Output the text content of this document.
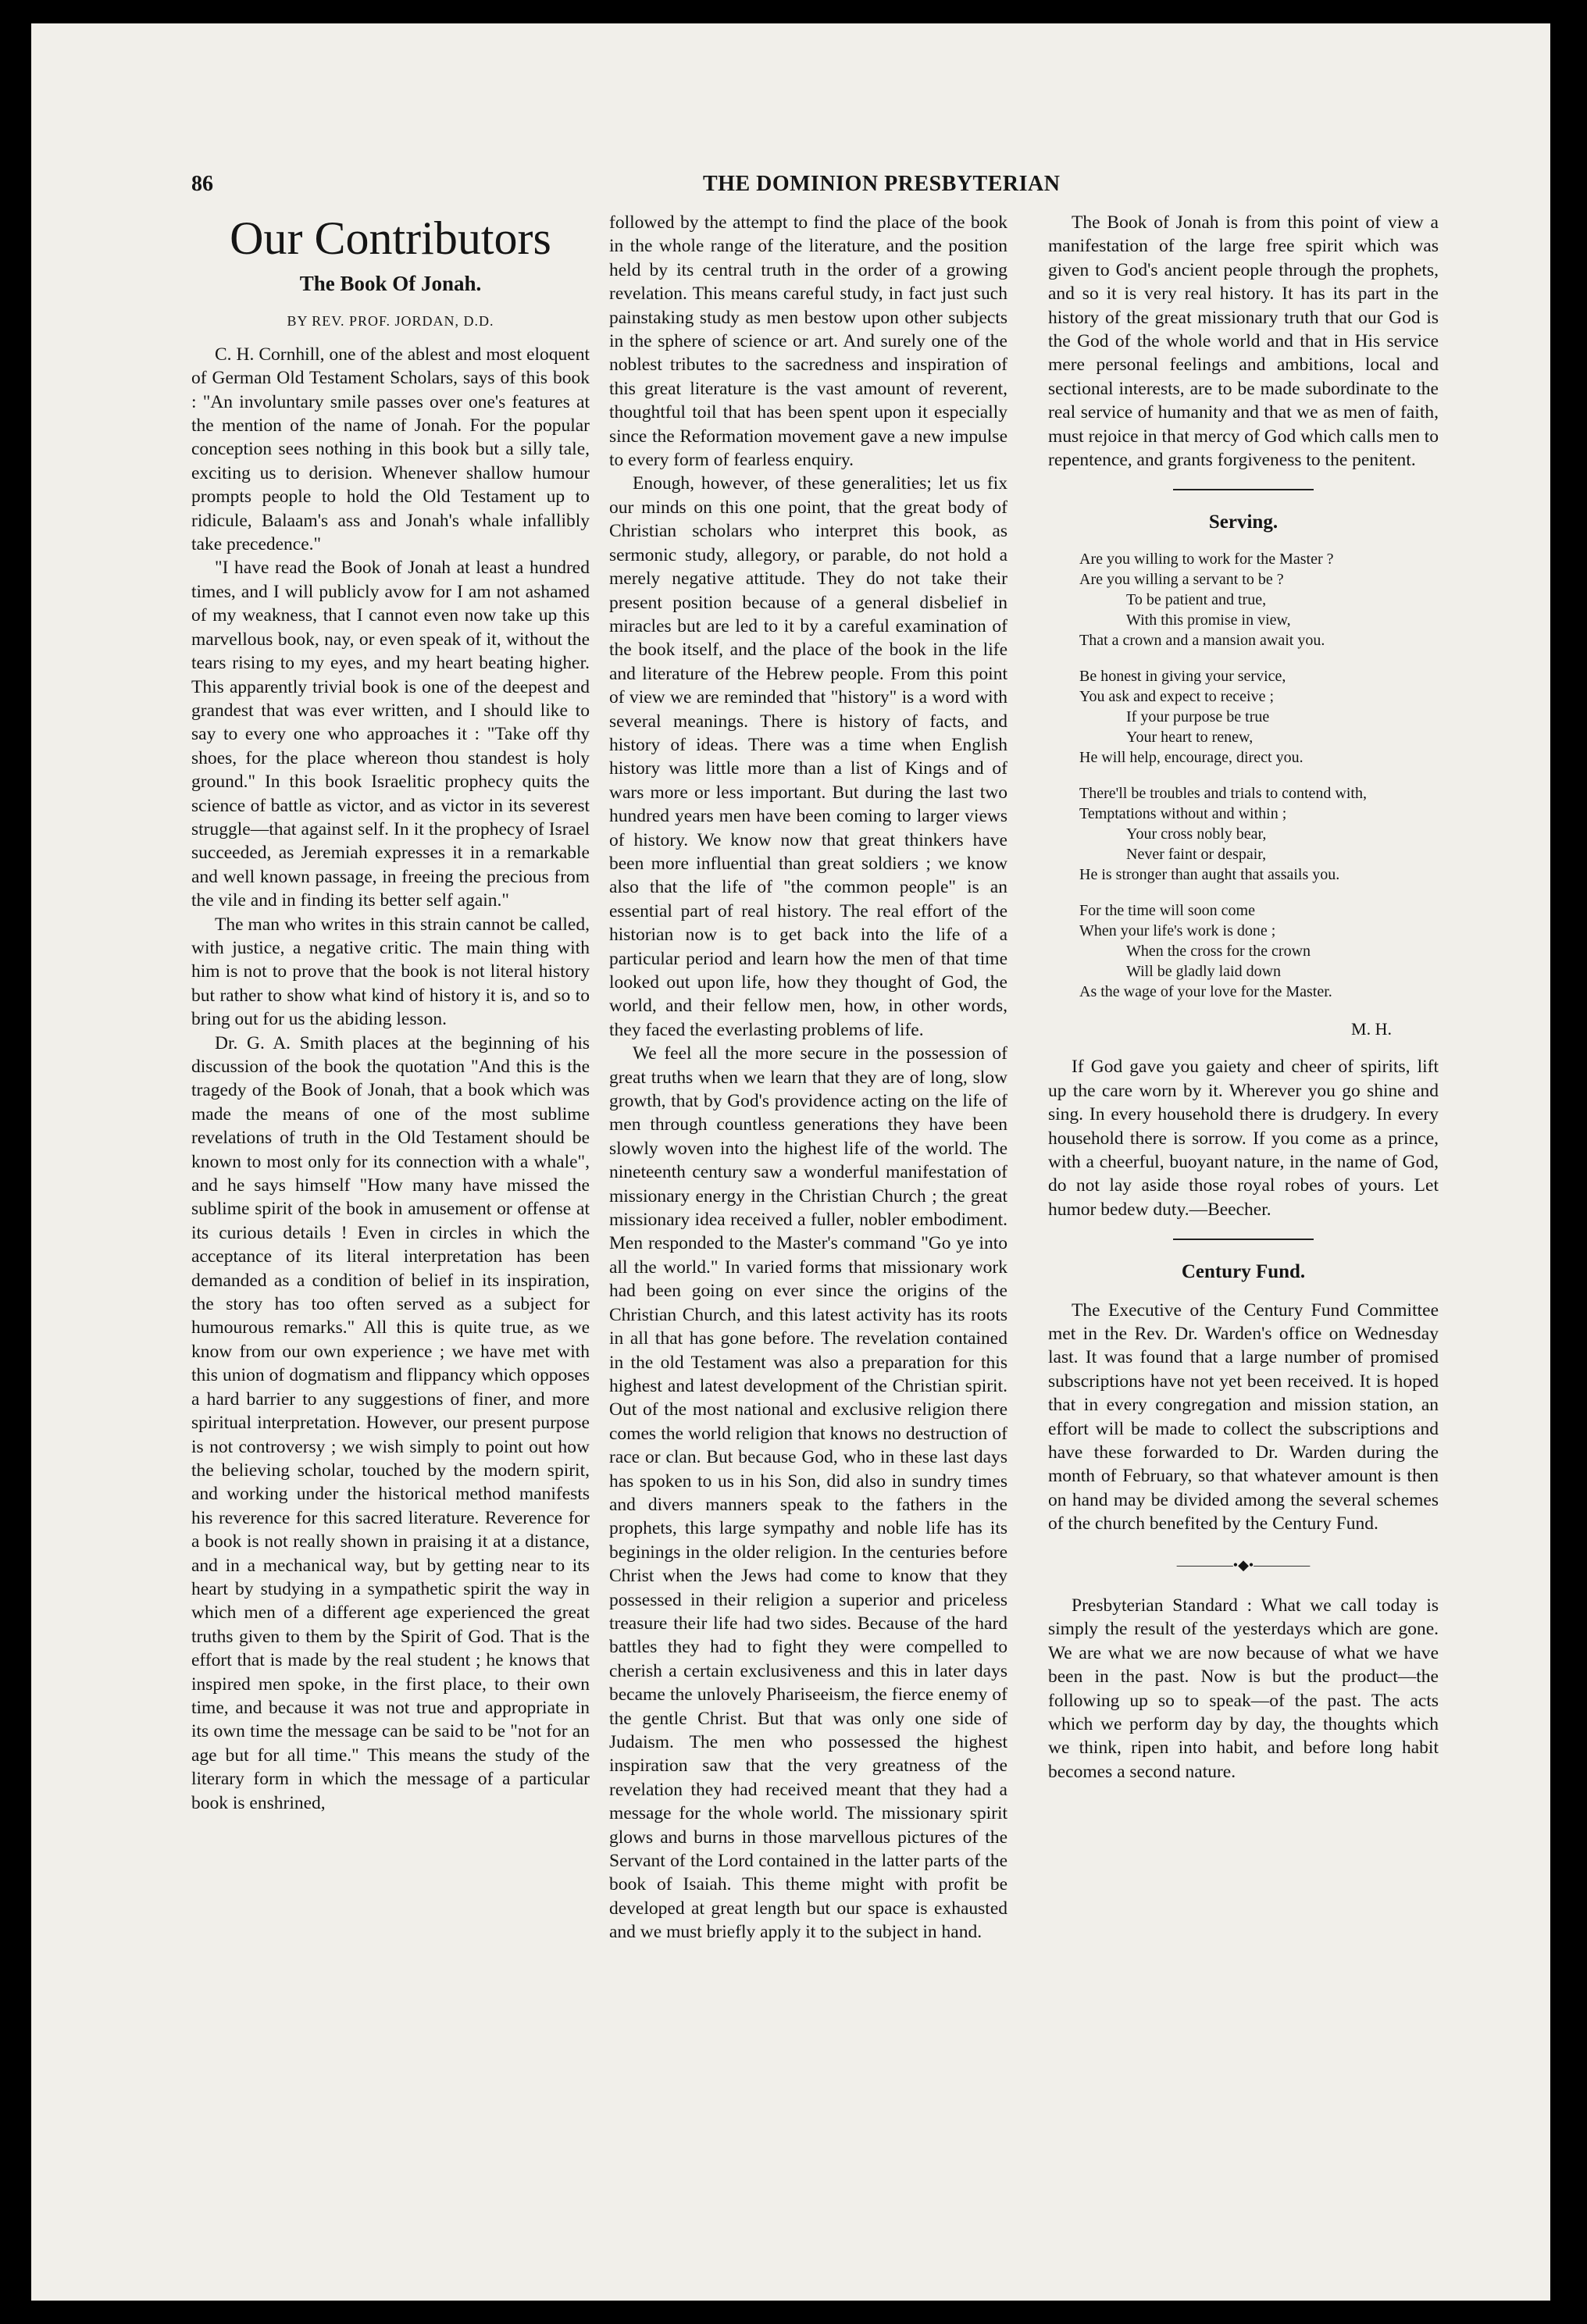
86	THE DOMINION PRESBYTERIAN
Our Contributors
The Book Of Jonah.
BY REV. PROF. JORDAN, D.D.

C. H. Cornhill, one of the ablest and most eloquent of German Old Testament Scholars, says of this book : "An involuntary smile passes over one's features at the mention of the name of Jonah. For the popular conception sees nothing in this book but a silly tale, exciting us to derision. Whenever shallow humour prompts people to hold the Old Testament up to ridicule, Balaam's ass and Jonah's whale infallibly take precedence."

"I have read the Book of Jonah at least a hundred times, and I will publicly avow for I am not ashamed of my weakness, that I cannot even now take up this marvellous book, nay, or even speak of it, without the tears rising to my eyes, and my heart beating higher. This apparently trivial book is one of the deepest and grandest that was ever written, and I should like to say to every one who approaches it : "Take off thy shoes, for the place whereon thou standest is holy ground." In this book Israelitic prophecy quits the science of battle as victor, and as victor in its severest struggle—that against self. In it the prophecy of Israel succeeded, as Jeremiah expresses it in a remarkable and well known passage, in freeing the precious from the vile and in finding its better self again."

The man who writes in this strain cannot be called, with justice, a negative critic. The main thing with him is not to prove that the book is not literal history but rather to show what kind of history it is, and so to bring out for us the abiding lesson.

Dr. G. A. Smith places at the beginning of his discussion of the book the quotation "And this is the tragedy of the Book of Jonah, that a book which was made the means of one of the most sublime revelations of truth in the Old Testament should be known to most only for its connection with a whale", and he says himself "How many have missed the sublime spirit of the book in amusement or offense at its curious details ! Even in circles in which the acceptance of its literal interpretation has been demanded as a condition of belief in its inspiration, the story has too often served as a subject for humourous remarks." All this is quite true, as we know from our own experience ; we have met with this union of dogmatism and flippancy which opposes a hard barrier to any suggestions of finer, and more spiritual interpretation. However, our present purpose is not controversy ; we wish simply to point out how the believing scholar, touched by the modern spirit, and working under the historical method manifests his reverence for this sacred literature. Reverence for a book is not really shown in praising it at a distance, and in a mechanical way, but by getting near to its heart by studying in a sympathetic spirit the way in which men of a different age experienced the great truths given to them by the Spirit of God. That is the effort that is made by the real student ; he knows that inspired men spoke, in the first place, to their own time, and because it was not true and appropriate in its own time the message can be said to be "not for an age but for all time." This means the study of the literary form in which the message of a particular book is enshrined,

followed by the attempt to find the place of the book in the whole range of the literature, and the position held by its central truth in the order of a growing revelation. This means careful study, in fact just such painstaking study as men bestow upon other subjects in the sphere of science or art. And surely one of the noblest tributes to the sacredness and inspiration of this great literature is the vast amount of reverent, thoughtful toil that has been spent upon it especially since the Reformation movement gave a new impulse to every form of fearless enquiry.

Enough, however, of these generalities; let us fix our minds on this one point, that the great body of Christian scholars who interpret this book, as sermonic study, allegory, or parable, do not hold a merely negative attitude. They do not take their present position because of a general disbelief in miracles but are led to it by a careful examination of the book itself, and the place of the book in the life and literature of the Hebrew people. From this point of view we are reminded that "history" is a word with several meanings. There is history of facts, and history of ideas. There was a time when English history was little more than a list of Kings and of wars more or less important. But during the last two hundred years men have been coming to larger views of history. We know now that great thinkers have been more influential than great soldiers ; we know also that the life of "the common people" is an essential part of real history. The real effort of the historian now is to get back into the life of a particular period and learn how the men of that time looked out upon life, how they thought of God, the world, and their fellow men, how, in other words, they faced the everlasting problems of life.

We feel all the more secure in the possession of great truths when we learn that they are of long, slow growth, that by God's providence acting on the life of men through countless generations they have been slowly woven into the highest life of the world. The nineteenth century saw a wonderful manifestation of missionary energy in the Christian Church ; the great missionary idea received a fuller, nobler embodiment. Men responded to the Master's command "Go ye into all the world." In varied forms that missionary work had been going on ever since the origins of the Christian Church, and this latest activity has its roots in all that has gone before. The revelation contained in the old Testament was also a preparation for this highest and latest development of the Christian spirit. Out of the most national and exclusive religion there comes the world religion that knows no destruction of race or clan. But because God, who in these last days has spoken to us in his Son, did also in sundry times and divers manners speak to the fathers in the prophets, this large sympathy and noble life has its beginings in the older religion. In the centuries before Christ when the Jews had come to know that they possessed in their religion a superior and priceless treasure their life had two sides. Because of the hard battles they had to fight they were compelled to cherish a certain exclusiveness and this in later days became the unlovely Phariseeism, the fierce enemy of the gentle Christ. But that was only one side of Judaism. The men who possessed the highest inspiration saw that the very greatness of the revelation they had received meant that they had a message for the whole world. The missionary spirit glows and burns in those marvellous pictures of the Servant of the Lord contained in the latter parts of the book of Isaiah. This theme might with profit be developed at great length but our space is exhausted and we must briefly apply it to the subject in hand.

The Book of Jonah is from this point of view a manifestation of the large free spirit which was given to God's ancient people through the prophets, and so it is very real history. It has its part in the history of the great missionary truth that our God is the God of the whole world and that in His service mere personal feelings and ambitions, local and sectional interests, are to be made subordinate to the real service of humanity and that we as men of faith, must rejoice in that mercy of God which calls men to repentence, and grants forgiveness to the penitent.

Serving.
Are you willing to work for the Master ?
Are you willing a servant to be ?
To be patient and true,
With this promise in view,
That a crown and a mansion await you.
Be honest in giving your service,
You ask and expect to receive ;
If your purpose be true
Your heart to renew,
He will help, encourage, direct you.
There'll be troubles and trials to contend with,
Temptations without and within ;
Your cross nobly bear,
Never faint or despair,
He is stronger than aught that assails you.
For the time will soon come
When your life's work is done ;
When the cross for the crown
Will be gladly laid down
As the wage of your love for the Master.
M. H.

If God gave you gaiety and cheer of spirits, lift up the care worn by it. Wherever you go shine and sing. In every household there is drudgery. In every household there is sorrow. If you come as a prince, with a cheerful, buoyant nature, in the name of God, do not lay aside those royal robes of yours. Let humor bedew duty.—Beecher.

Century Fund.

The Executive of the Century Fund Committee met in the Rev. Dr. Warden's office on Wednesday last. It was found that a large number of promised subscriptions have not yet been received. It is hoped that in every congregation and mission station, an effort will be made to collect the subscriptions and have these forwarded to Dr. Warden during the month of February, so that whatever amount is then on hand may be divided among the several schemes of the church benefited by the Century Fund.

――――•◆•――――

Presbyterian Standard : What we call today is simply the result of the yesterdays which are gone. We are what we are now because of what we have been in the past. Now is but the product—the following up so to speak—of the past. The acts which we perform day by day, the thoughts which we think, ripen into habit, and before long habit becomes a second nature.
